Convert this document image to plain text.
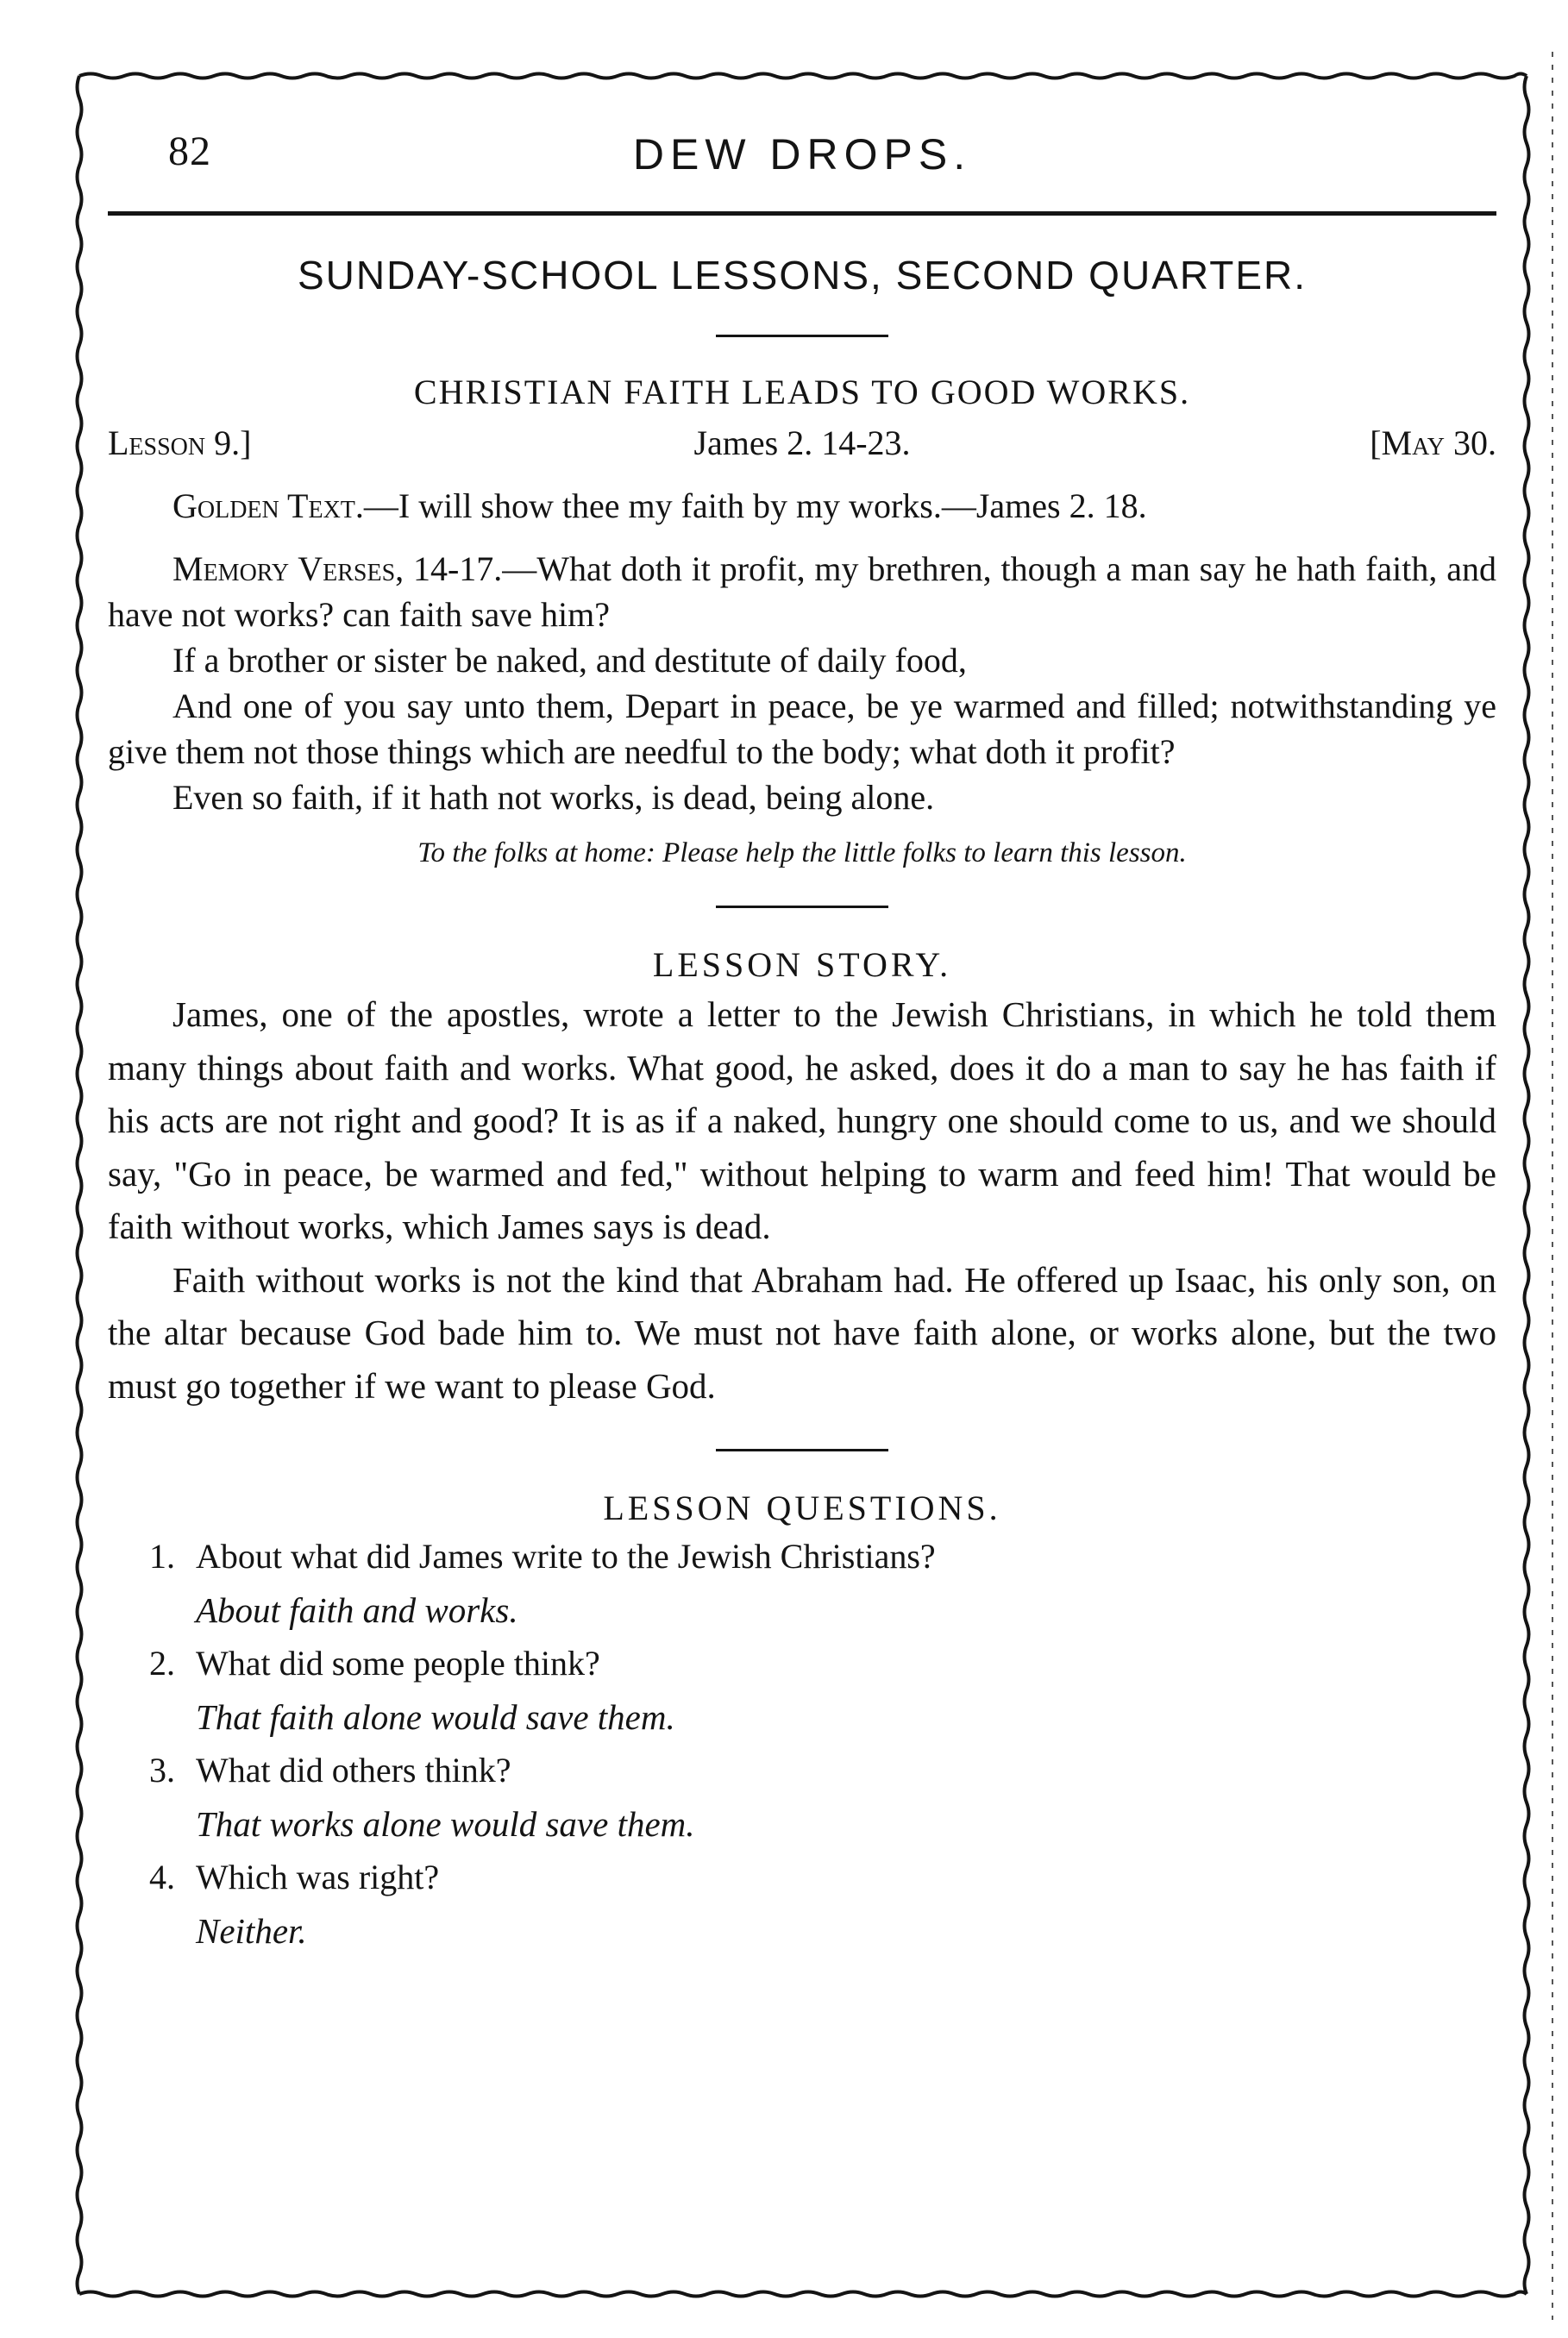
82	DEW DROPS.
SUNDAY-SCHOOL LESSONS, SECOND QUARTER.
CHRISTIAN FAITH LEADS TO GOOD WORKS.
Lesson 9.]	James 2. 14-23.	[May 30.

Golden Text.—I will show thee my faith by my works.—James 2. 18.

Memory Verses, 14-17.—What doth it profit, my brethren, though a man say he hath faith, and have not works? can faith save him?

If a brother or sister be naked, and destitute of daily food,

And one of you say unto them, Depart in peace, be ye warmed and filled; notwithstanding ye give them not those things which are needful to the body; what doth it profit?

Even so faith, if it hath not works, is dead, being alone.

To the folks at home: Please help the little folks to learn this lesson.
LESSON STORY.

James, one of the apostles, wrote a letter to the Jewish Christians, in which he told them many things about faith and works. What good, he asked, does it do a man to say he has faith if his acts are not right and good? It is as if a naked, hungry one should come to us, and we should say, "Go in peace, be warmed and fed," without helping to warm and feed him! That would be faith without works, which James says is dead.

Faith without works is not the kind that Abraham had. He offered up Isaac, his only son, on the altar because God bade him to. We must not have faith alone, or works alone, but the two must go together if we want to please God.

LESSON QUESTIONS.
1. About what did James write to the Jewish Christians?
About faith and works.
2. What did some people think?
That faith alone would save them.
3. What did others think?
That works alone would save them.
4. Which was right?
Neither.
